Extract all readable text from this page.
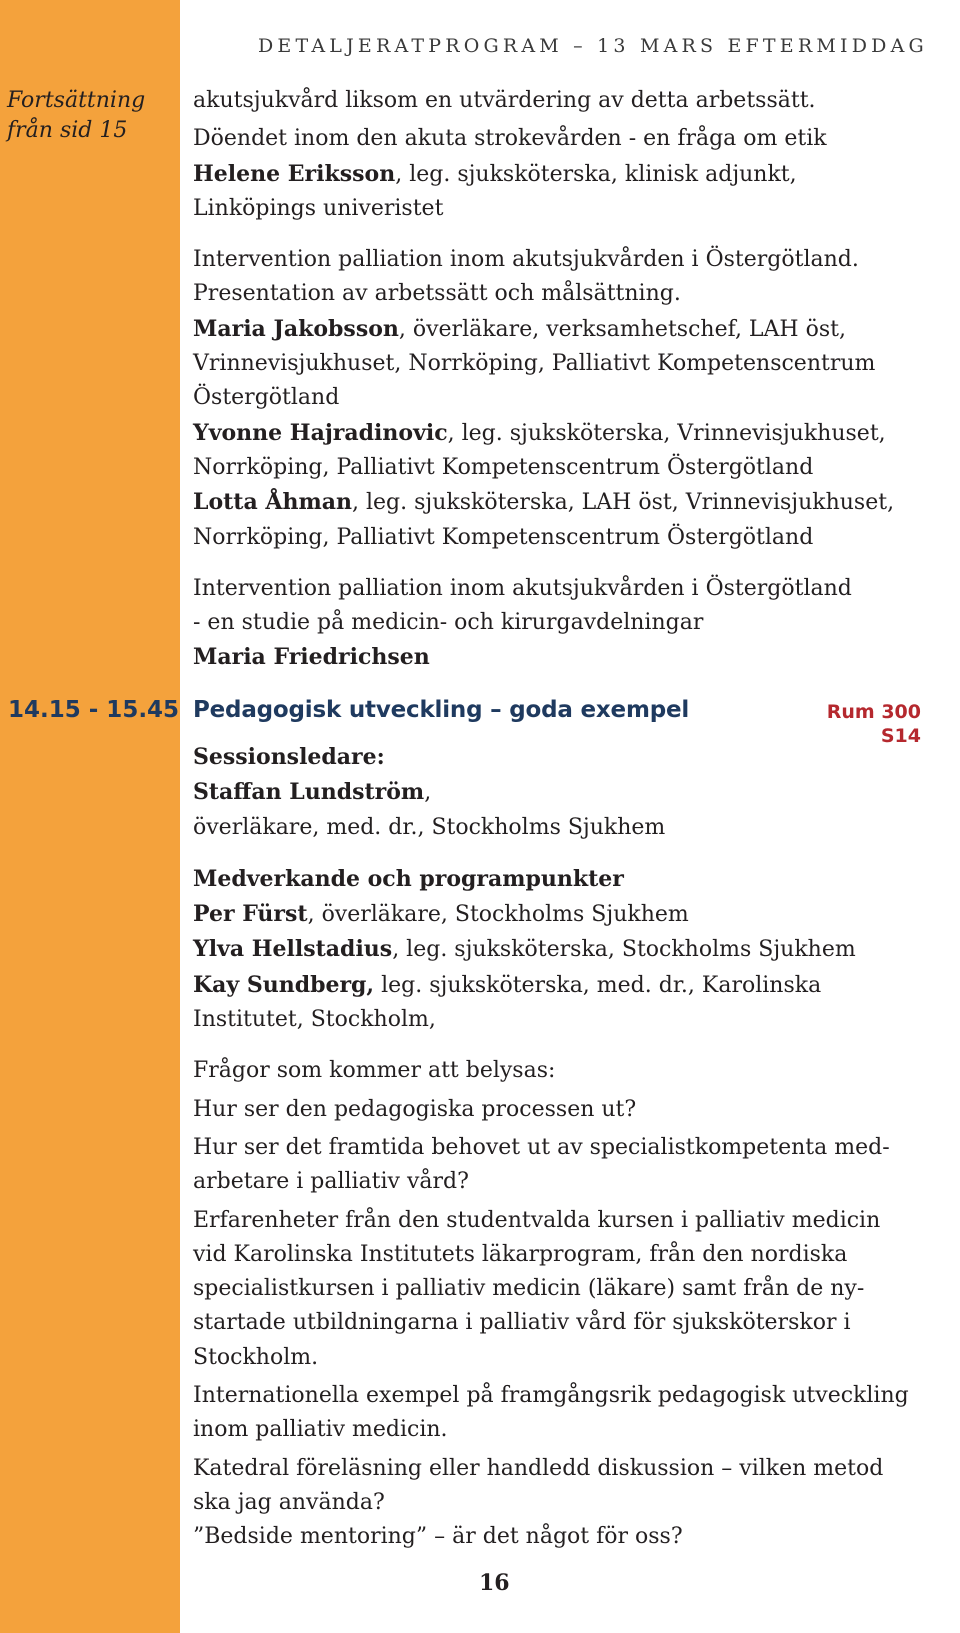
Fortsättning
från sid 15
DETALJERATPROGRAM – 13 MARS EFTERMIDDAG
akutsjukvård liksom en utvärdering av detta arbetssätt.
Döendet inom den akuta strokevården - en fråga om etik
Helene Eriksson, leg. sjuksköterska, klinisk adjunkt,
Linköpings univeristet
Intervention palliation inom akutsjukvården i Östergötland.
Presentation av arbetssätt och målsättning.
Maria Jakobsson, överläkare, verksamhetschef, LAH öst,
Vrinnevisjukhuset, Norrköping, Palliativt Kompetenscentrum
Östergötland
Yvonne Hajradinovic, leg. sjuksköterska, Vrinnevisjukhuset,
Norrköping, Palliativt Kompetenscentrum Östergötland
Lotta Åhman, leg. sjuksköterska, LAH öst, Vrinnevisjukhuset,
Norrköping, Palliativt Kompetenscentrum Östergötland
Intervention palliation inom akutsjukvården i Östergötland
- en studie på medicin- och kirurgavdelningar
Maria Friedrichsen
14.15 - 15.45 Pedagogisk utveckling – goda exempel	Rum 300
S14
Sessionsledare:
Staffan Lundström,
överläkare, med. dr., Stockholms Sjukhem
Medverkande och programpunkter
Per Fürst, överläkare, Stockholms Sjukhem
Ylva Hellstadius, leg. sjuksköterska, Stockholms Sjukhem
Kay Sundberg, leg. sjuksköterska, med. dr., Karolinska
Institutet, Stockholm,
Frågor som kommer att belysas:
Hur ser den pedagogiska processen ut?
Hur ser det framtida behovet ut av specialistkompetenta med-
arbetare i palliativ vård?
Erfarenheter från den studentvalda kursen i palliativ medicin
vid Karolinska Institutets läkarprogram, från den nordiska
specialistkursen i palliativ medicin (läkare) samt från de ny-
startade utbildningarna i palliativ vård för sjuksköterskor i
Stockholm.
Internationella exempel på framgångsrik pedagogisk utveckling
inom palliativ medicin.
Katedral föreläsning eller handledd diskussion – vilken metod
ska jag använda?
”Bedside mentoring” – är det något för oss?
16
